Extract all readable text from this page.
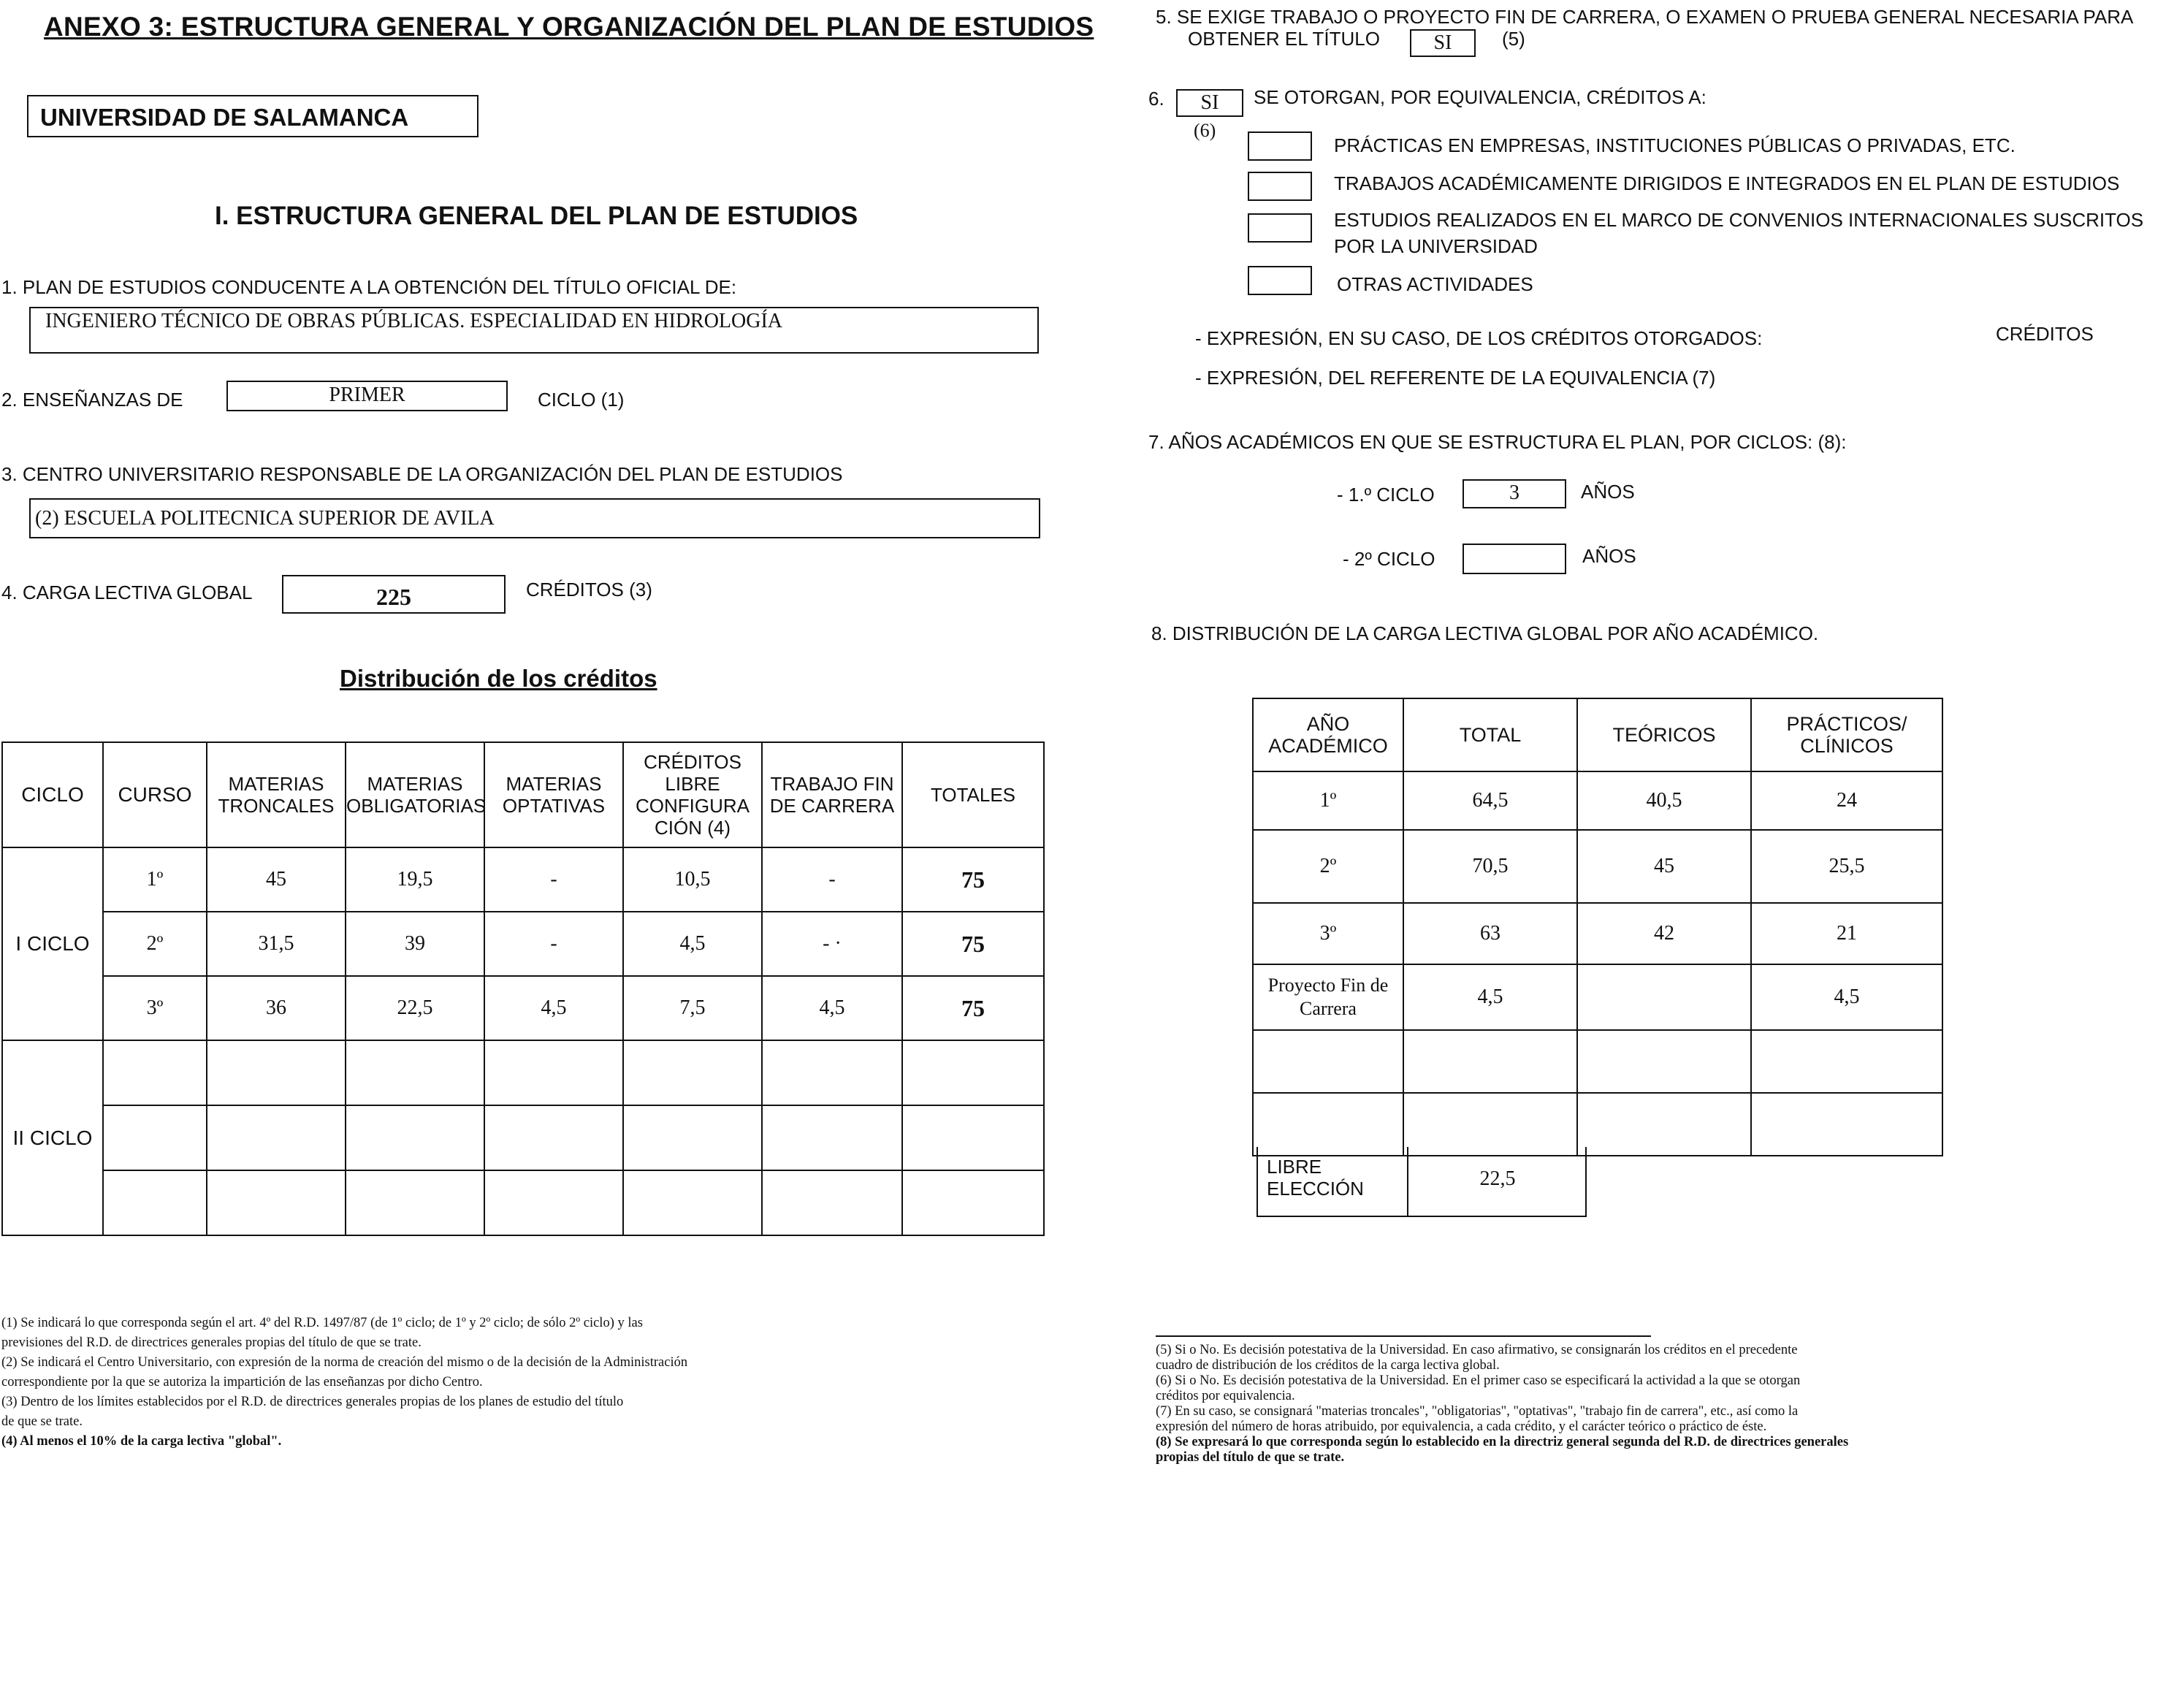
ANEXO 3: ESTRUCTURA GENERAL Y ORGANIZACIÓN DEL PLAN DE ESTUDIOS
UNIVERSIDAD DE SALAMANCA
I. ESTRUCTURA GENERAL DEL PLAN DE ESTUDIOS
1. PLAN DE ESTUDIOS CONDUCENTE A LA OBTENCIÓN DEL TÍTULO OFICIAL DE:
INGENIERO TÉCNICO DE OBRAS PÚBLICAS. ESPECIALIDAD EN HIDROLOGÍA
2. ENSEÑANZAS DE	PRIMER	CICLO (1)
3. CENTRO UNIVERSITARIO RESPONSABLE DE LA ORGANIZACIÓN DEL PLAN DE ESTUDIOS
(2) ESCUELA POLITECNICA SUPERIOR DE AVILA
4. CARGA LECTIVA GLOBAL	225	CRÉDITOS (3)
Distribución de los créditos
CICLO	CURSO	MATERIAS TRONCALES	MATERIAS OBLIGATORIAS	MATERIAS OPTATIVAS	CRÉDITOS LIBRE CONFIGURA CIÓN (4)	TRABAJO FIN DE CARRERA	TOTALES
I CICLO	1º	45	19,5	-	10,5	-	75
	2º	31,5	39	-	4,5	- ·	75
	3º	36	22,5	4,5	7,5	4,5	75
II CICLO							

(1) Se indicará lo que corresponda según el art. 4º del R.D. 1497/87 (de 1º ciclo; de 1º y 2º ciclo; de sólo 2º ciclo) y las

previsiones del R.D. de directrices generales propias del título de que se trate.

(2) Se indicará el Centro Universitario, con expresión de la norma de creación del mismo o de la decisión de la Administración

correspondiente por la que se autoriza la impartición de las enseñanzas por dicho Centro.

(3) Dentro de los límites establecidos por el R.D. de directrices generales propias de los planes de estudio del título

de que se trate.

(4) Al menos el 10% de la carga lectiva "global".

5. SE EXIGE TRABAJO O PROYECTO FIN DE CARRERA, O EXAMEN O PRUEBA GENERAL NECESARIA PARA
OBTENER EL TÍTULO	SI	(5)
6.	SI	SE OTORGAN, POR EQUIVALENCIA, CRÉDITOS A:
(6)
PRÁCTICAS EN EMPRESAS, INSTITUCIONES PÚBLICAS O PRIVADAS, ETC.
TRABAJOS ACADÉMICAMENTE DIRIGIDOS E INTEGRADOS EN EL PLAN DE ESTUDIOS
ESTUDIOS REALIZADOS EN EL MARCO DE CONVENIOS INTERNACIONALES SUSCRITOS
POR LA UNIVERSIDAD
OTRAS ACTIVIDADES
- EXPRESIÓN, EN SU CASO, DE LOS CRÉDITOS OTORGADOS:	CRÉDITOS
- EXPRESIÓN, DEL REFERENTE DE LA EQUIVALENCIA (7)
7. AÑOS ACADÉMICOS EN QUE SE ESTRUCTURA EL PLAN, POR CICLOS: (8):
- 1.º CICLO	3	AÑOS
- 2º CICLO	AÑOS
8. DISTRIBUCIÓN DE LA CARGA LECTIVA GLOBAL POR AÑO ACADÉMICO.
AÑO ACADÉMICO	TOTAL	TEÓRICOS	PRÁCTICOS/ CLÍNICOS
1º	64,5	40,5	24
2º	70,5	45	25,5
3º	63	42	21
Proyecto Fin de Carrera	4,5		4,5

LIBRE ELECCIÓN	22,5

(5) Si o No. Es decisión potestativa de la Universidad. En caso afirmativo, se consignarán los créditos en el precedente

cuadro de distribución de los créditos de la carga lectiva global.

(6) Si o No. Es decisión potestativa de la Universidad. En el primer caso se especificará la actividad a la que se otorgan

créditos por equivalencia.

(7) En su caso, se consignará "materias troncales", "obligatorias", "optativas", "trabajo fin de carrera", etc., así como la

expresión del número de horas atribuido, por equivalencia, a cada crédito, y el carácter teórico o práctico de éste.

(8) Se expresará lo que corresponda según lo establecido en la directriz general segunda del R.D. de directrices generales

propias del título de que se trate.
